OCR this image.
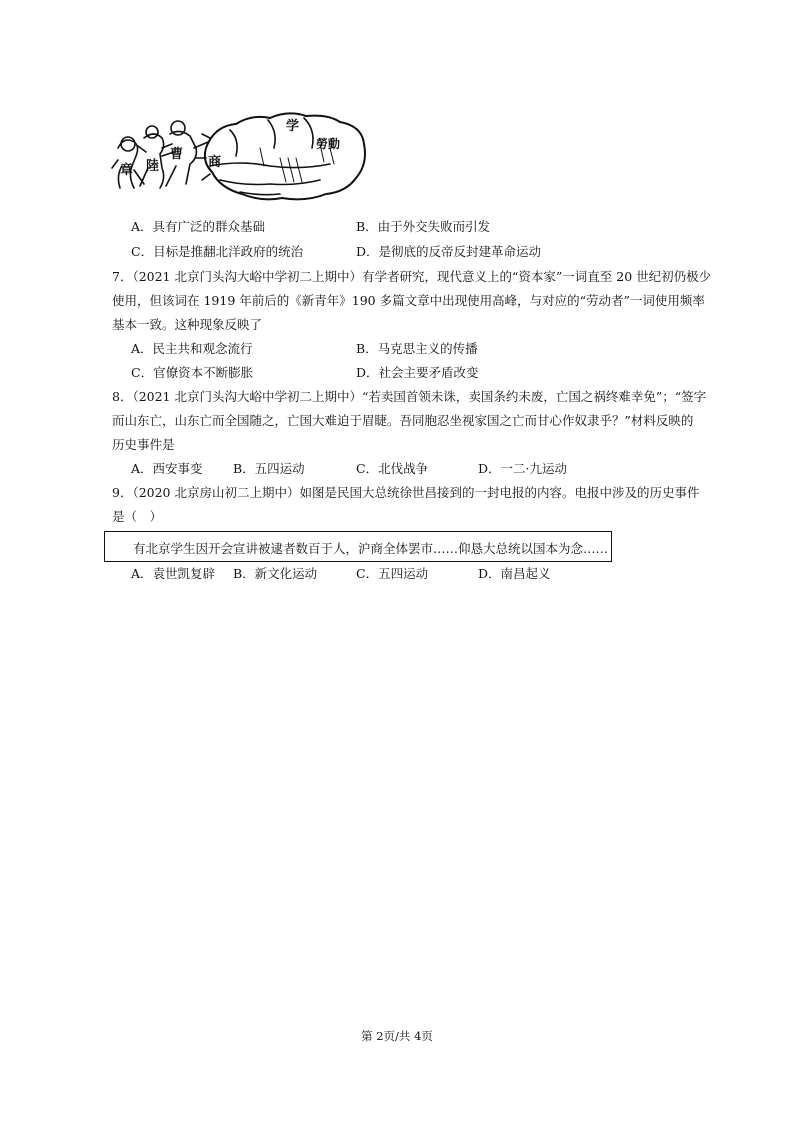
章 陸
曹
商
学
勞動
A．具有广泛的群众基础	B．由于外交失败而引发
C．目标是推翻北洋政府的统治	D．是彻底的反帝反封建革命运动
7．（2021 北京门头沟大峪中学初二上期中）有学者研究，现代意义上的“资本家”一词直至 20 世纪初仍极少
使用，但该词在 1919 年前后的《新青年》190 多篇文章中出现使用高峰，与对应的“劳动者”一词使用频率
基本一致。这种现象反映了
A．民主共和观念流行	B．马克思主义的传播
C．官僚资本不断膨胀	D．社会主要矛盾改变
8．（2021 北京门头沟大峪中学初二上期中）“若卖国首领未诛，卖国条约未废，亡国之祸终难幸免”；“签字
而山东亡，山东亡而全国随之，亡国大难迫于眉睫。吾同胞忍坐视家国之亡而甘心作奴隶乎？”材料反映的
历史事件是
A．西安事变 B．五四运动	C．北伐战争	D．一二·九运动
9．（2020 北京房山初二上期中）如图是民国大总统徐世昌接到的一封电报的内容。电报中涉及的历史事件
是（　）
有北京学生因开会宣讲被逮者数百于人，沪商全体罢市……仰恳大总统以国本为念……
A．袁世凯复辟 B．新文化运动	C．五四运动	D．南昌起义
第 2页/共 4页
